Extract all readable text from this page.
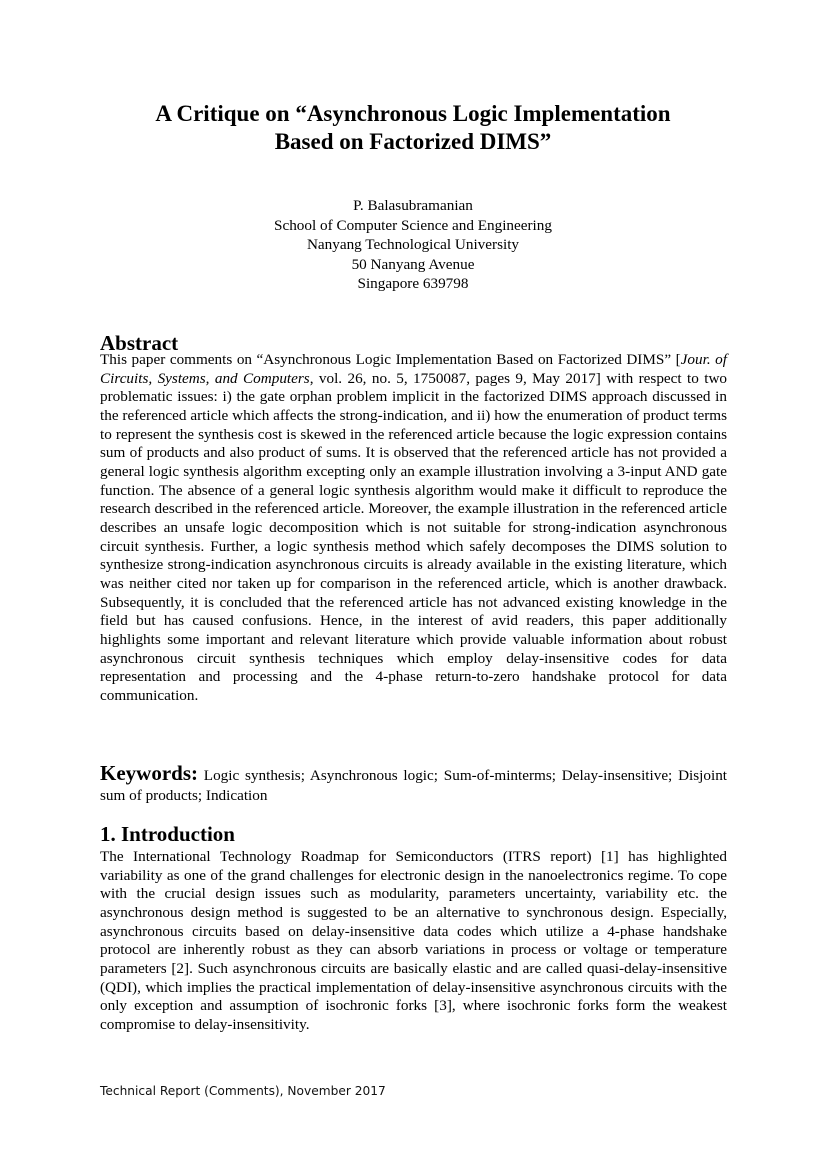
A Critique on “Asynchronous Logic Implementation
Based on Factorized DIMS”
P. Balasubramanian
School of Computer Science and Engineering
Nanyang Technological University
50 Nanyang Avenue
Singapore 639798
Abstract

This paper comments on “Asynchronous Logic Implementation Based on Factorized DIMS” [Jour. of Circuits, Systems, and Computers, vol. 26, no. 5, 1750087, pages 9, May 2017] with respect to two problematic issues: i) the gate orphan problem implicit in the factorized DIMS approach discussed in the referenced article which affects the strong-indication, and ii) how the enumeration of product terms to represent the synthesis cost is skewed in the referenced article because the logic expression contains sum of products and also product of sums. It is observed that the referenced article has not provided a general logic synthesis algorithm excepting only an example illustration involving a 3-input AND gate function. The absence of a general logic synthesis algorithm would make it difficult to reproduce the research described in the referenced article. Moreover, the example illustration in the referenced article describes an unsafe logic decomposition which is not suitable for strong-indication asynchronous circuit synthesis. Further, a logic synthesis method which safely decomposes the DIMS solution to synthesize strong-indication asynchronous circuits is already available in the existing literature, which was neither cited nor taken up for comparison in the referenced article, which is another drawback. Subsequently, it is concluded that the referenced article has not advanced existing knowledge in the field but has caused confusions. Hence, in the interest of avid readers, this paper additionally highlights some important and relevant literature which provide valuable information about robust asynchronous circuit synthesis techniques which employ delay-insensitive codes for data representation and processing and the 4-phase return-to-zero handshake protocol for data communication.

Keywords: Logic synthesis; Asynchronous logic; Sum-of-minterms; Delay-insensitive; Disjoint sum of products; Indication

1. Introduction

The International Technology Roadmap for Semiconductors (ITRS report) [1] has highlighted variability as one of the grand challenges for electronic design in the nanoelectronics regime. To cope with the crucial design issues such as modularity, parameters uncertainty, variability etc. the asynchronous design method is suggested to be an alternative to synchronous design. Especially, asynchronous circuits based on delay-insensitive data codes which utilize a 4-phase handshake protocol are inherently robust as they can absorb variations in process or voltage or temperature parameters [2]. Such asynchronous circuits are basically elastic and are called quasi-delay-insensitive (QDI), which implies the practical implementation of delay-insensitive asynchronous circuits with the only exception and assumption of isochronic forks [3], where isochronic forks form the weakest compromise to delay-insensitivity.

Technical Report (Comments), November 2017
